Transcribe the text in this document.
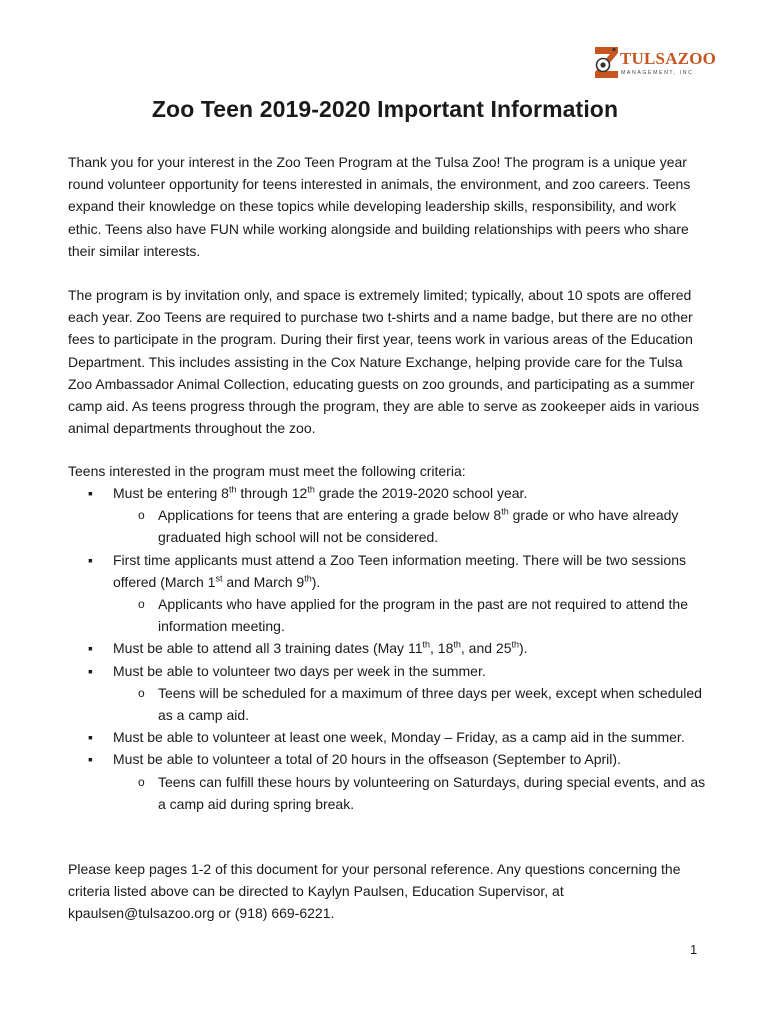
TULSAZOO
MANAGEMENT, INC.
Zoo Teen 2019-2020 Important Information

Thank you for your interest in the Zoo Teen Program at the Tulsa Zoo! The program is a unique year round volunteer opportunity for teens interested in animals, the environment, and zoo careers. Teens expand their knowledge on these topics while developing leadership skills, responsibility, and work ethic. Teens also have FUN while working alongside and building relationships with peers who share their similar interests.

The program is by invitation only, and space is extremely limited; typically, about 10 spots are offered each year. Zoo Teens are required to purchase two t-shirts and a name badge, but there are no other fees to participate in the program. During their first year, teens work in various areas of the Education Department. This includes assisting in the Cox Nature Exchange, helping provide care for the Tulsa Zoo Ambassador Animal Collection, educating guests on zoo grounds, and participating as a summer camp aid. As teens progress through the program, they are able to serve as zookeeper aids in various animal departments throughout the zoo.

Teens interested in the program must meet the following criteria:

▪ Must be entering 8th through 12th grade the 2019-2020 school year.
o Applications for teens that are entering a grade below 8th grade or who have already graduated high school will not be considered.
▪ First time applicants must attend a Zoo Teen information meeting. There will be two sessions offered (March 1st and March 9th).
o Applicants who have applied for the program in the past are not required to attend the information meeting.
▪ Must be able to attend all 3 training dates (May 11th, 18th, and 25th).
▪ Must be able to volunteer two days per week in the summer.
o Teens will be scheduled for a maximum of three days per week, except when scheduled as a camp aid.
▪ Must be able to volunteer at least one week, Monday – Friday, as a camp aid in the summer.
▪ Must be able to volunteer a total of 20 hours in the offseason (September to April).
o Teens can fulfill these hours by volunteering on Saturdays, during special events, and as a camp aid during spring break.

Please keep pages 1-2 of this document for your personal reference. Any questions concerning the criteria listed above can be directed to Kaylyn Paulsen, Education Supervisor, at kpaulsen@tulsazoo.org or (918) 669-6221.

1
